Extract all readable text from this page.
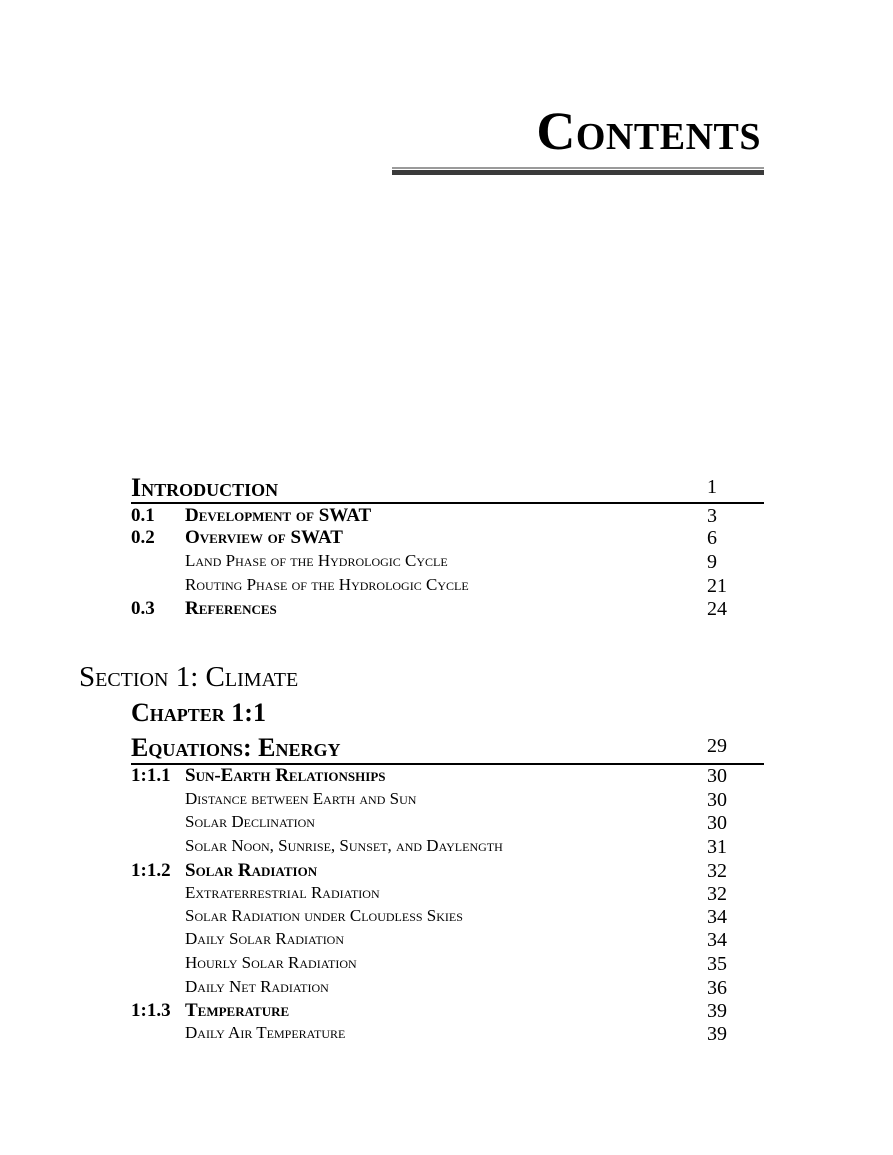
Contents
Introduction	1
0.1 Development of SWAT	3
0.2 Overview of SWAT	6
Land Phase of the Hydrologic Cycle	9
Routing Phase of the Hydrologic Cycle	21
0.3 References	24
Section 1: Climate
Chapter 1:1
Equations: Energy	29
1:1.1 Sun-Earth Relationships	30
Distance between Earth and Sun	30
Solar Declination	30
Solar Noon, Sunrise, Sunset, and Daylength	31
1:1.2 Solar Radiation	32
Extraterrestrial Radiation	32
Solar Radiation under Cloudless Skies	34
Daily Solar Radiation	34
Hourly Solar Radiation	35
Daily Net Radiation	36
1:1.3 Temperature	39
Daily Air Temperature	39
